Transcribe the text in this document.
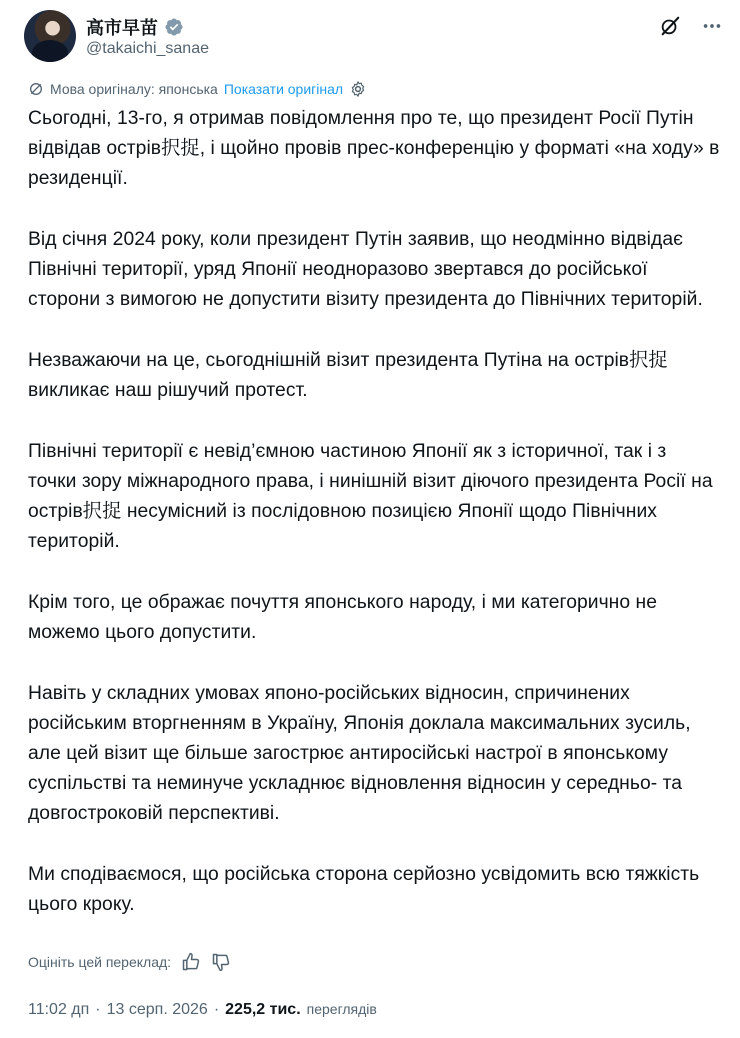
高市早苗
@takaichi_sanae
Мова оригіналу: японська Показати оригінал

Сьогодні, 13-го, я отримав повідомлення про те, що президент Росії Путін відвідав острів択捉, і щойно провів прес-конференцію у форматі «на ходу» в резиденції.

Від січня 2024 року, коли президент Путін заявив, що неодмінно відвідає Північні території, уряд Японії неодноразово звертався до російської сторони з вимогою не допустити візиту президента до Північних територій.

Незважаючи на це, сьогоднішній візит президента Путіна на острів択捉 викликає наш рішучий протест.

Північні території є невід’ємною частиною Японії як з історичної, так і з точки зору міжнародного права, і нинішній візит діючого президента Росії на острів択捉 несумісний із послідовною позицією Японії щодо Північних територій.

Крім того, це ображає почуття японського народу, і ми категорично не можемо цього допустити.

Навіть у складних умовах японо-російських відносин, спричинених російським вторгненням в Україну, Японія доклала максимальних зусиль, але цей візит ще більше загострює антиросійські настрої в японському суспільстві та неминуче ускладнює відновлення відносин у середньо- та довгостроковій перспективі.

Ми сподіваємося, що російська сторона серйозно усвідомить всю тяжкість цього кроку.

Оцініть цей переклад:
11:02 дп · 13 серп. 2026 · 225,2 тис. переглядів
